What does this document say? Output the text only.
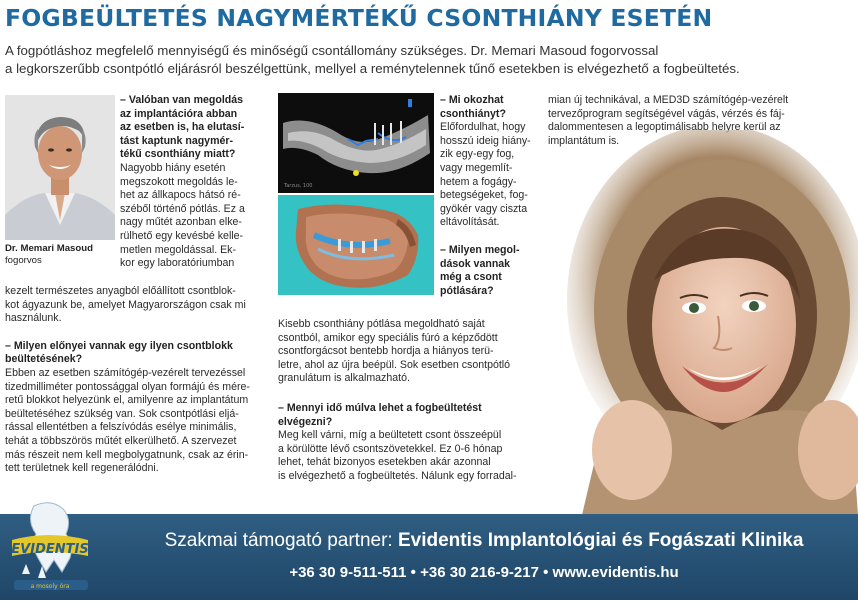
FOGBEÜLTETÉS NAGYMÉRTÉKŰ CSONTHIÁNY ESETÉN

A fogpótláshoz megfelelő mennyiségű és minőségű csontállomány szükséges. Dr. Memari Masoud fogorvossal

a legkorszerűbb csontpótló eljárásról beszélgettünk, mellyel a reménytelennek tűnő esetekben is elvégezhető a fogbeültetés.

Dr. Memari Masoud
fogorvos
– Valóban van megoldás
az implantációra abban
az esetben is, ha elutasí-
tást kaptunk nagymér-
tékű csonthiány miatt?
Nagyobb hiány esetén
megszokott megoldás le-
het az állkapocs hátsó ré-
széből történő pótlás. Ez a
nagy műtét azonban elke-
rülhető egy kevésbé kelle-
metlen megoldással. Ek-
kor egy laboratóriumban
kezelt természetes anyagból előállított csontblok-
kot ágyazunk be, amelyet Magyarországon csak mi
használunk.
– Milyen előnyei vannak egy ilyen csontblokk
beültetésének?
Ebben az esetben számítógép-vezérelt tervezéssel
tizedmilliméter pontossággal olyan formájú és mére-
retű blokkot helyezünk el, amilyenre az implantátum
beültetéséhez szükség van. Sok csontpótlási eljá-
rással ellentétben a felszívódás esélye minimális,
tehát a többszörös műtét elkerülhető. A szervezet
más részeit nem kell megbolygatnunk, csak az érin-
tett területnek kell regenerálódni.
Tarzus, 100
– Mi okozhat
csonthiányt?
Előfordulhat, hogy
hosszú ideig hiány-
zik egy-egy fog,
vagy megemlít-
hetem a fogágy-
betegségeket, fog-
gyökér vagy ciszta
eltávolítását.
– Milyen megol-
dások vannak
még a csont
pótlására?
Kisebb csonthiány pótlása megoldható saját
csontból, amikor egy speciális fúró a képződött
csontforgácsot bentebb hordja a hiányos terü-
letre, ahol az újra beépül. Sok esetben csontpótló
granulátum is alkalmazható.
– Mennyi idő múlva lehet a fogbeültetést
elvégezni?
Meg kell várni, míg a beültetett csont összeépül
a körülötte lévő csontszövetekkel. Ez 0-6 hónap
lehet, tehát bizonyos esetekben akár azonnal
is elvégezhető a fogbeültetés. Nálunk egy forradal-
mian új technikával, a MED3D számítógép-vezérelt
tervezőprogram segítségével vágás, vérzés és fáj-
dalommentesen a legoptimálisabb helyre kerül az
implantátum is.
Szakmai támogató partner: Evidentis Implantológiai és Fogászati Klinika
+36 30 9-511-511 • +36 30 216-9-217 • www.evidentis.hu
EVIDENTIS
a mosoly óra
